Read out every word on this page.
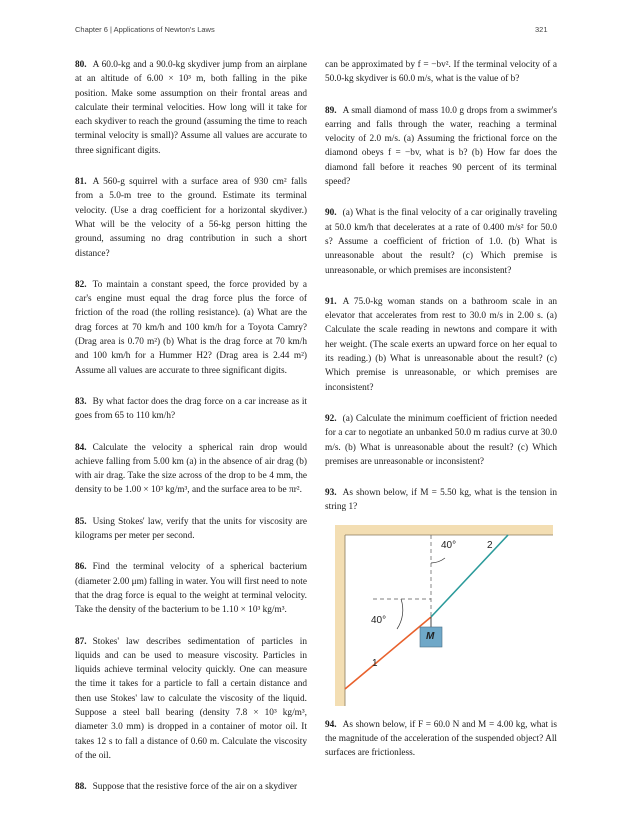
Chapter 6 | Applications of Newton's Laws	321

80. A 60.0-kg and a 90.0-kg skydiver jump from an airplane at an altitude of 6.00 × 10³ m, both falling in the pike position. Make some assumption on their frontal areas and calculate their terminal velocities. How long will it take for each skydiver to reach the ground (assuming the time to reach terminal velocity is small)? Assume all values are accurate to three significant digits.

81. A 560-g squirrel with a surface area of 930 cm² falls from a 5.0-m tree to the ground. Estimate its terminal velocity. (Use a drag coefficient for a horizontal skydiver.) What will be the velocity of a 56-kg person hitting the ground, assuming no drag contribution in such a short distance?

82. To maintain a constant speed, the force provided by a car's engine must equal the drag force plus the force of friction of the road (the rolling resistance). (a) What are the drag forces at 70 km/h and 100 km/h for a Toyota Camry? (Drag area is 0.70 m²) (b) What is the drag force at 70 km/h and 100 km/h for a Hummer H2? (Drag area is 2.44 m²) Assume all values are accurate to three significant digits.

83. By what factor does the drag force on a car increase as it goes from 65 to 110 km/h?

84. Calculate the velocity a spherical rain drop would achieve falling from 5.00 km (a) in the absence of air drag (b) with air drag. Take the size across of the drop to be 4 mm, the density to be 1.00 × 10³ kg/m³, and the surface area to be πr².

85. Using Stokes' law, verify that the units for viscosity are kilograms per meter per second.

86. Find the terminal velocity of a spherical bacterium (diameter 2.00 μm) falling in water. You will first need to note that the drag force is equal to the weight at terminal velocity. Take the density of the bacterium to be 1.10 × 10³ kg/m³.

87. Stokes' law describes sedimentation of particles in liquids and can be used to measure viscosity. Particles in liquids achieve terminal velocity quickly. One can measure the time it takes for a particle to fall a certain distance and then use Stokes' law to calculate the viscosity of the liquid. Suppose a steel ball bearing (density 7.8 × 10³ kg/m³, diameter 3.0 mm) is dropped in a container of motor oil. It takes 12 s to fall a distance of 0.60 m. Calculate the viscosity of the oil.

88. Suppose that the resistive force of the air on a skydiver

can be approximated by f = −bv². If the terminal velocity of a 50.0-kg skydiver is 60.0 m/s, what is the value of b?

89. A small diamond of mass 10.0 g drops from a swimmer's earring and falls through the water, reaching a terminal velocity of 2.0 m/s. (a) Assuming the frictional force on the diamond obeys f = −bv, what is b? (b) How far does the diamond fall before it reaches 90 percent of its terminal speed?

90. (a) What is the final velocity of a car originally traveling at 50.0 km/h that decelerates at a rate of 0.400 m/s² for 50.0 s? Assume a coefficient of friction of 1.0. (b) What is unreasonable about the result? (c) Which premise is unreasonable, or which premises are inconsistent?

91. A 75.0-kg woman stands on a bathroom scale in an elevator that accelerates from rest to 30.0 m/s in 2.00 s. (a) Calculate the scale reading in newtons and compare it with her weight. (The scale exerts an upward force on her equal to its reading.) (b) What is unreasonable about the result? (c) Which premise is unreasonable, or which premises are inconsistent?

92. (a) Calculate the minimum coefficient of friction needed for a car to negotiate an unbanked 50.0 m radius curve at 30.0 m/s. (b) What is unreasonable about the result? (c) Which premises are unreasonable or inconsistent?

93. As shown below, if M = 5.50 kg, what is the tension in string 1?

40°
40°
2
1
M

94. As shown below, if F = 60.0 N and M = 4.00 kg, what is the magnitude of the acceleration of the suspended object? All surfaces are frictionless.
